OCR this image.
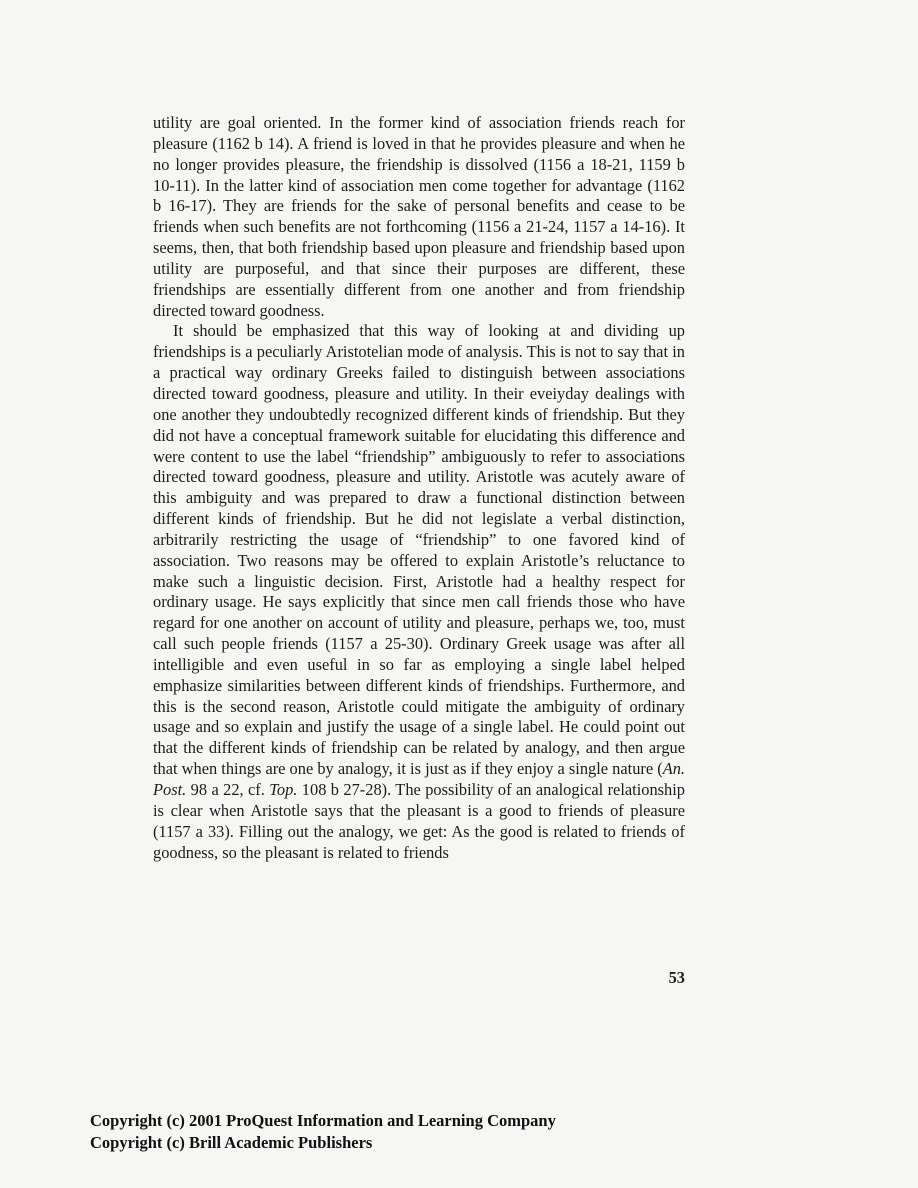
utility are goal oriented. In the former kind of association friends reach for pleasure (1162 b 14). A friend is loved in that he provides pleasure and when he no longer provides pleasure, the friendship is dissolved (1156 a 18-21, 1159 b 10-11). In the latter kind of association men come together for advantage (1162 b 16-17). They are friends for the sake of personal benefits and cease to be friends when such benefits are not forthcoming (1156 a 21-24, 1157 a 14-16). It seems, then, that both friendship based upon pleasure and friendship based upon utility are purposeful, and that since their purposes are different, these friendships are essentially different from one another and from friendship directed toward goodness.

It should be emphasized that this way of looking at and dividing up friendships is a peculiarly Aristotelian mode of analysis. This is not to say that in a practical way ordinary Greeks failed to distinguish between associations directed toward goodness, pleasure and utility. In their eveiyday dealings with one another they undoubtedly recognized different kinds of friendship. But they did not have a conceptual framework suitable for elucidating this difference and were content to use the label “friendship” ambiguously to refer to associations directed toward goodness, pleasure and utility. Aristotle was acutely aware of this ambiguity and was prepared to draw a functional distinction between different kinds of friendship. But he did not legislate a verbal distinction, arbitrarily restricting the usage of “friendship” to one favored kind of association. Two reasons may be offered to explain Aristotle’s reluctance to make such a linguistic decision. First, Aristotle had a healthy respect for ordinary usage. He says explicitly that since men call friends those who have regard for one another on account of utility and pleasure, perhaps we, too, must call such people friends (1157 a 25-30). Ordinary Greek usage was after all intelligible and even useful in so far as employing a single label helped emphasize similarities between different kinds of friendships. Furthermore, and this is the second reason, Aristotle could mitigate the ambiguity of ordinary usage and so explain and justify the usage of a single label. He could point out that the different kinds of friendship can be related by analogy, and then argue that when things are one by analogy, it is just as if they enjoy a single nature (An. Post. 98 a 22, cf. Top. 108 b 27-28). The possibility of an analogical relationship is clear when Aristotle says that the pleasant is a good to friends of pleasure (1157 a 33). Filling out the analogy, we get: As the good is related to friends of goodness, so the pleasant is related to friends

53
Copyright (c) 2001 ProQuest Information and Learning Company
Copyright (c) Brill Academic Publishers
